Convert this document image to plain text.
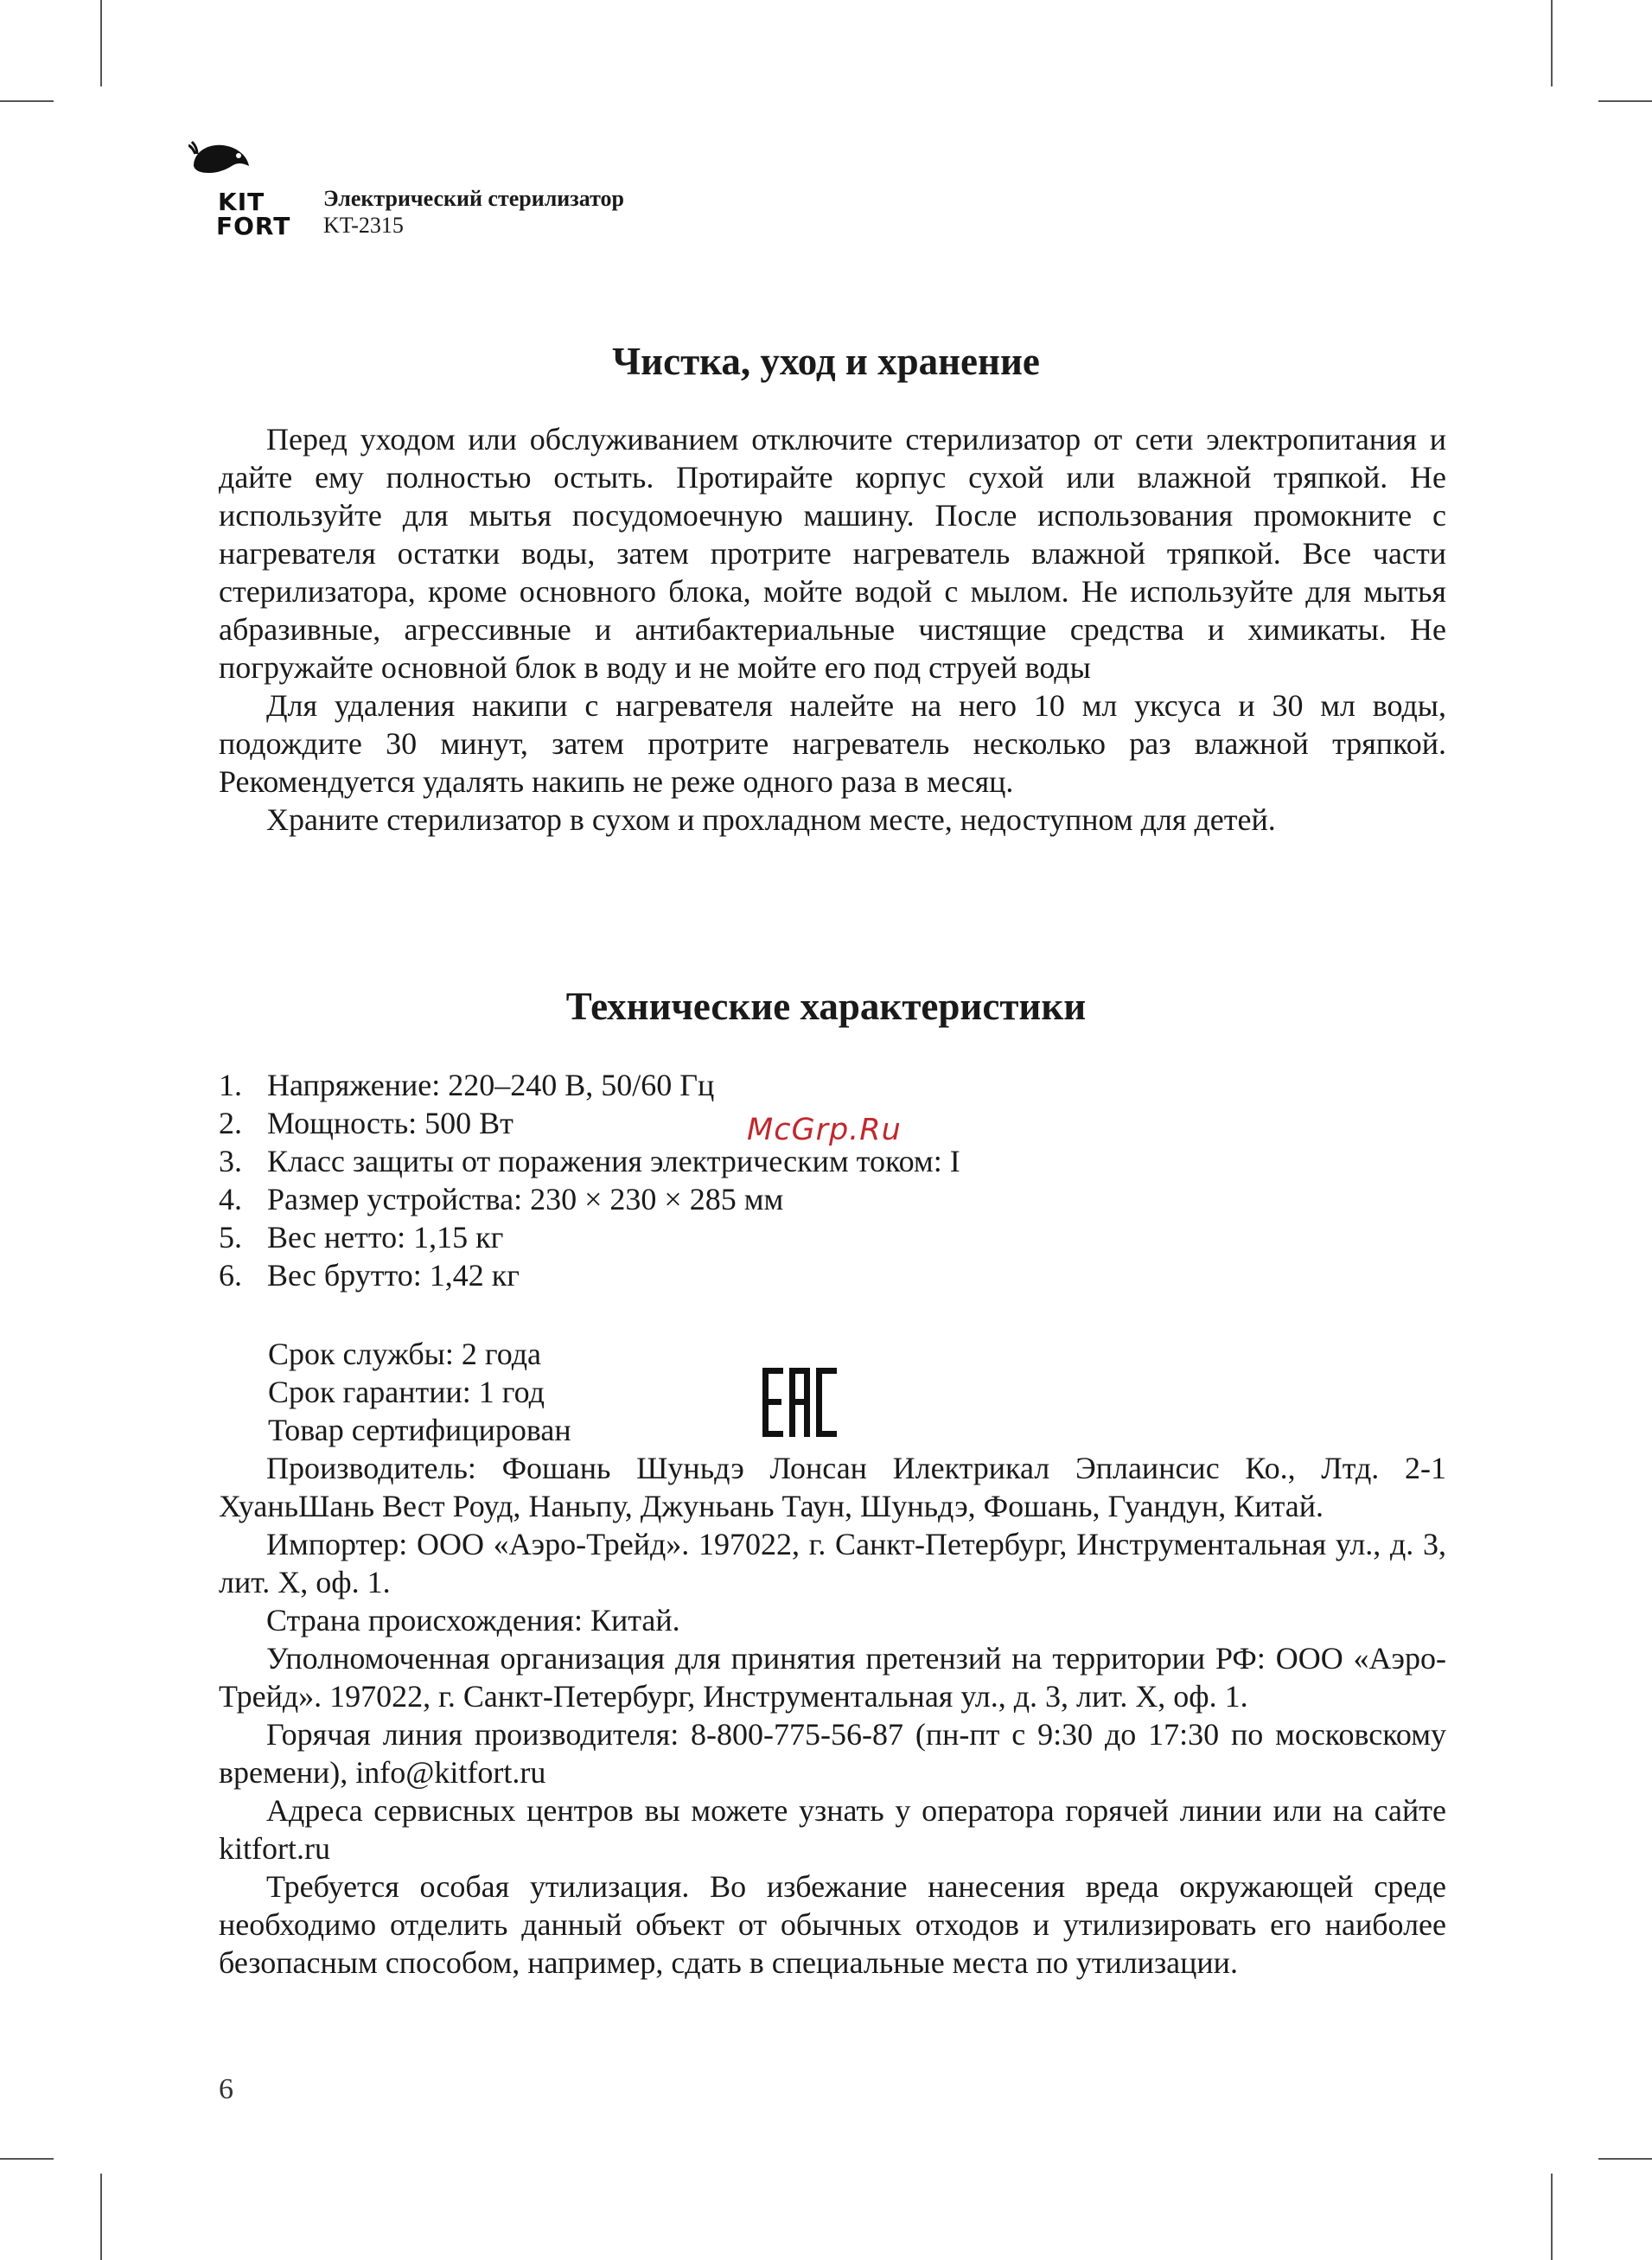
KIT
FORT
Электрический стерилизатор
KT-2315
Чистка, уход и хранение

Перед уходом или обслуживанием отключите стерилизатор от сети электропитания и дайте ему полностью остыть. Протирайте корпус сухой или влажной тряпкой. Не используйте для мытья посудомоечную машину. После использования промокните с нагревателя остатки воды, затем протрите нагреватель влажной тряпкой. Все части стерилизатора, кроме основного блока, мойте водой с мылом. Не используйте для мытья абразивные, агрессивные и антибактериальные чистящие средства и химикаты. Не погружайте основной блок в воду и не мойте его под струей воды

Для удаления накипи с нагревателя налейте на него 10 мл уксуса и 30 мл воды, подождите 30 минут, затем протрите нагреватель несколько раз влажной тряпкой. Рекомендуется удалять накипь не реже одного раза в месяц.

Храните стерилизатор в сухом и прохладном месте, недоступном для детей.

Технические характеристики
1. Напряжение: 220–240 В, 50/60 Гц
2. Мощность: 500 Вт
3. Класс защиты от поражения электрическим током: I
4. Размер устройства: 230 × 230 × 285 мм
5. Вес нетто: 1,15 кг
6. Вес брутто: 1,42 кг
McGrp.Ru
Срок службы: 2 года
Срок гарантии: 1 год
Товар сертифицирован

Производитель: Фошань Шуньдэ Лонсан Илектрикал Эплаинсис Ко., Лтд. 2-1 ХуаньШань Вест Роуд, Наньпу, Джуньань Таун, Шуньдэ, Фошань, Гуандун, Китай.

Импортер: ООО «Аэро-Трейд». 197022, г. Санкт-Петербург, Инструментальная ул., д. 3, лит. Х, оф. 1.

Страна происхождения: Китай.

Уполномоченная организация для принятия претензий на территории РФ: ООО «Аэро-Трейд». 197022, г. Санкт-Петербург, Инструментальная ул., д. 3, лит. Х, оф. 1.

Горячая линия производителя: 8-800-775-56-87 (пн-пт с 9:30 до 17:30 по московскому времени), info@kitfort.ru

Адреса сервисных центров вы можете узнать у оператора горячей линии или на сайте kitfort.ru

Требуется особая утилизация. Во избежание нанесения вреда окружающей среде необходимо отделить данный объект от обычных отходов и утилизировать его наиболее безопасным способом, например, сдать в специальные места по утилизации.

6
